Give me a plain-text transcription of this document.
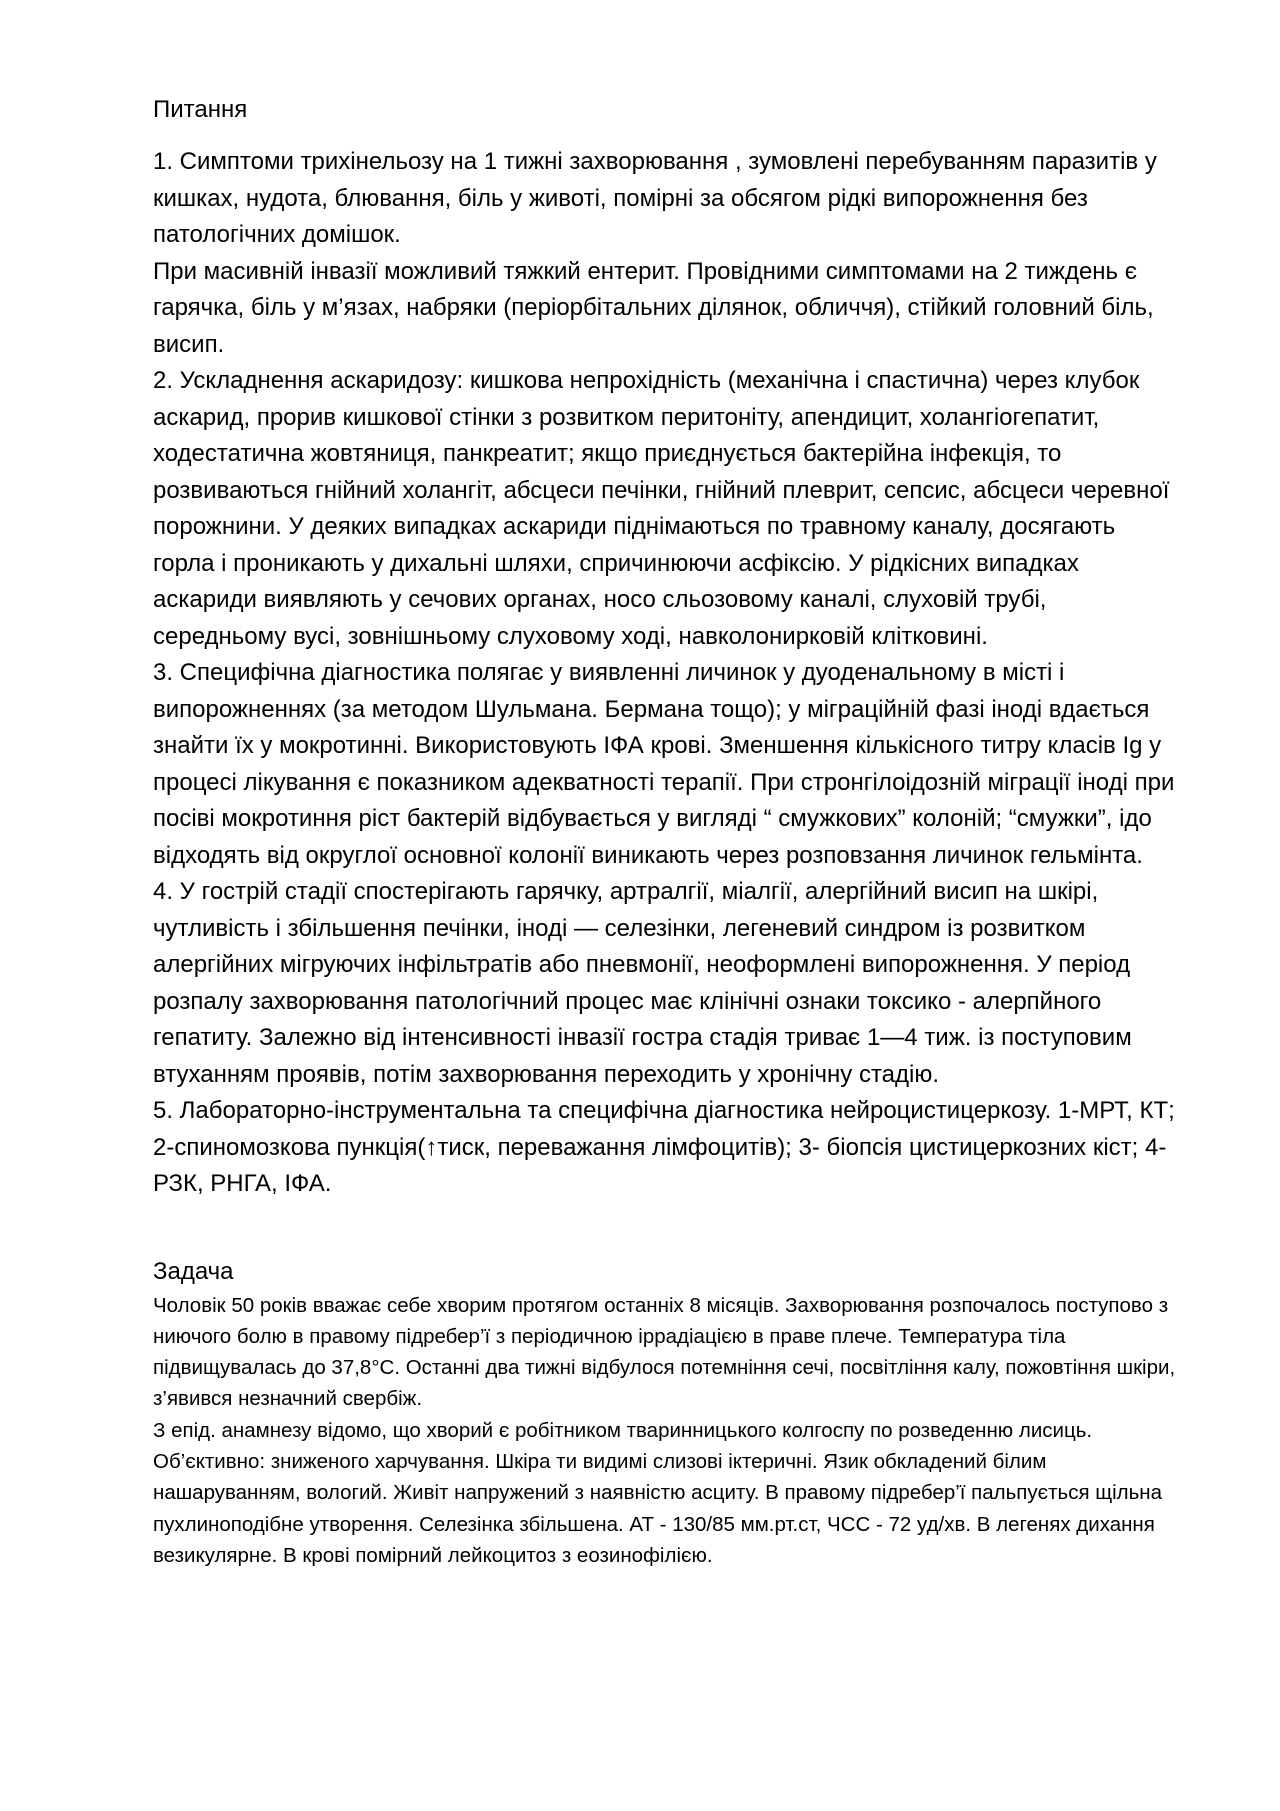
Питання

1. Симптоми трихінельозу на 1 тижні захворювання , зумовлені перебуванням паразитів у кишках, нудота, блювання, біль у животі, помірні за обсягом рідкі випорожнення без патологічних домішок.

При масивній інвазії можливий тяжкий ентерит. Провідними симптомами на 2 тиждень є гарячка, біль у м’язах, набряки (періорбітальних ділянок, обличчя), стійкий головний біль, висип.

2. Ускладнення аскаридозу: кишкова непрохідність (механічна і спастична) через клубок аскарид, прорив кишкової стінки з розвитком перитоніту, апендицит, холангіогепатит, ходестатична жовтяниця, панкреатит; якщо приєднується бактерійна інфекція, то розвиваються гнійний холангіт, абсцеси печінки, гнійний плеврит, сепсис, абсцеси черевної порожнини. У деяких випадках аскариди піднімаються по травному каналу, досягають горла і проникають у дихальні шляхи, спричинюючи асфіксію. У рідкісних випадках аскариди виявляють у сечових органах, носо сльозовому каналі, слуховій трубі, середньому вусі, зовнішньому слуховому ході, навколонирковій клітковині.

3. Специфічна діагностика полягає у виявленні личинок у дуоденальному в місті і випорожненнях (за методом Шульмана. Бермана тощо); у міграційній фазі іноді вдається знайти їх у мокротинні. Використовують ІФА крові. Зменшення кількісного титру класів Ig у процесі лікування є показником адекватності терапії. При стронгілоідозній міграції іноді при посіві мокротиння ріст бактерій відбувається у вигляді “ смужкових” колоній; “смужки”, ідо відходять від округлої основної колонії виникають через розповзання личинок гельмінта.

4. У гострій стадії спостерігають гарячку, артралгії, міалгії, алергійний висип на шкірі, чутливість і збільшення печінки, іноді — селезінки, легеневий синдром із розвитком алергійних мігруючих інфільтратів або пневмонії, неоформлені випорожнення. У період розпалу захворювання патологічний процес має клінічні ознаки токсико - алерпйного гепатиту. Залежно від інтенсивності інвазії гостра стадія триває 1—4 тиж. із поступовим втуханням проявів, потім захворювання переходить у хронічну стадію.

5. Лабораторно-інструментальна та специфічна діагностика нейроцистицеркозу. 1-МРТ, КТ; 2-спиномозкова пункція(↑тиск, переважання лімфоцитів); 3- біопсія цистицеркозних кіст; 4- РЗК, РНГА, ІФА.

Задача

Чоловік 50 років вважає себе хворим протягом останніх 8 місяців. Захворювання розпочалось поступово з ниючого болю в правому підребер’ї з періодичною іррадіацією в праве плече. Температура тіла підвищувалась до 37,8°С. Останні два тижні відбулося потемніння сечі, посвітління калу, пожовтіння шкіри, з’явився незначний свербіж.

З епід. анамнезу відомо, що хворий є робітником тваринницького колгоспу по розведенню лисиць.

Об’єктивно: зниженого харчування. Шкіра ти видимі слизові іктеричні. Язик обкладений білим нашаруванням, вологий. Живіт напружений з наявністю асциту. В правому підребер’ї пальпується щільна пухлиноподібне утворення. Селезінка збільшена. АТ - 130/85 мм.рт.ст, ЧСС - 72 уд/хв. В легенях дихання везикулярне. В крові помірний лейкоцитоз з еозинофілією.
